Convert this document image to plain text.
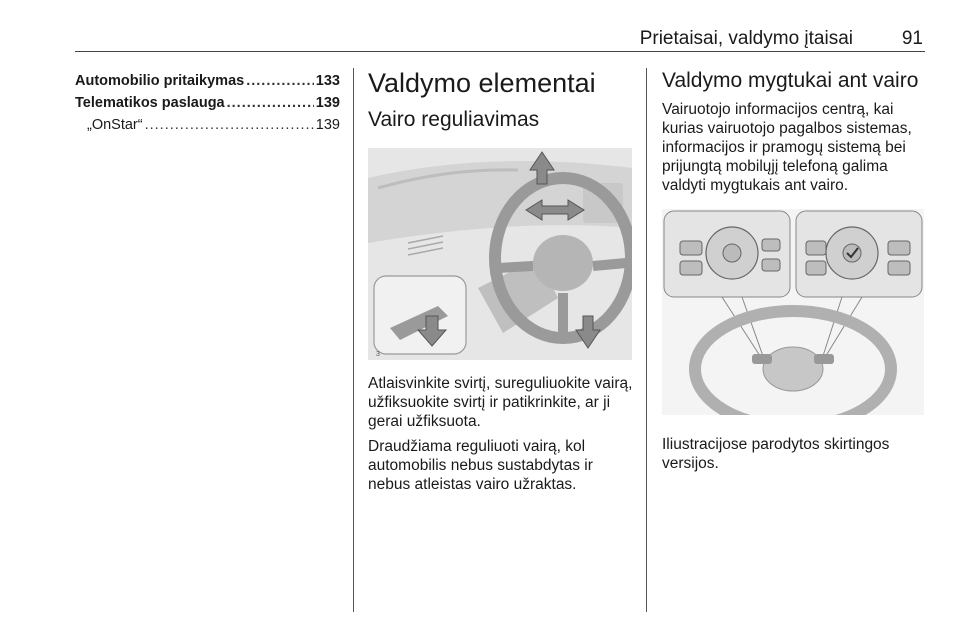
Prietaisai, valdymo įtaisai	91
Automobilio pritaikymas .....	133
Telematikos paslauga .....	139
„OnStar“ .....	139
Valdymo elementai
Vairo reguliavimas
3

Atlaisvinkite svirtį, sureguliuokite vairą, užfiksuokite svirtį ir patikrinkite, ar ji gerai užfiksuota.

Draudžiama reguliuoti vairą, kol automobilis nebus sustabdytas ir nebus atleistas vairo užraktas.

Valdymo mygtukai ant vairo

Vairuotojo informacijos centrą, kai kurias vairuotojo pagalbos sistemas, informacijos ir pramogų sistemą bei prijungtą mobilųjį telefoną galima valdyti mygtukais ant vairo.

Iliustracijose parodytos skirtingos versijos.
